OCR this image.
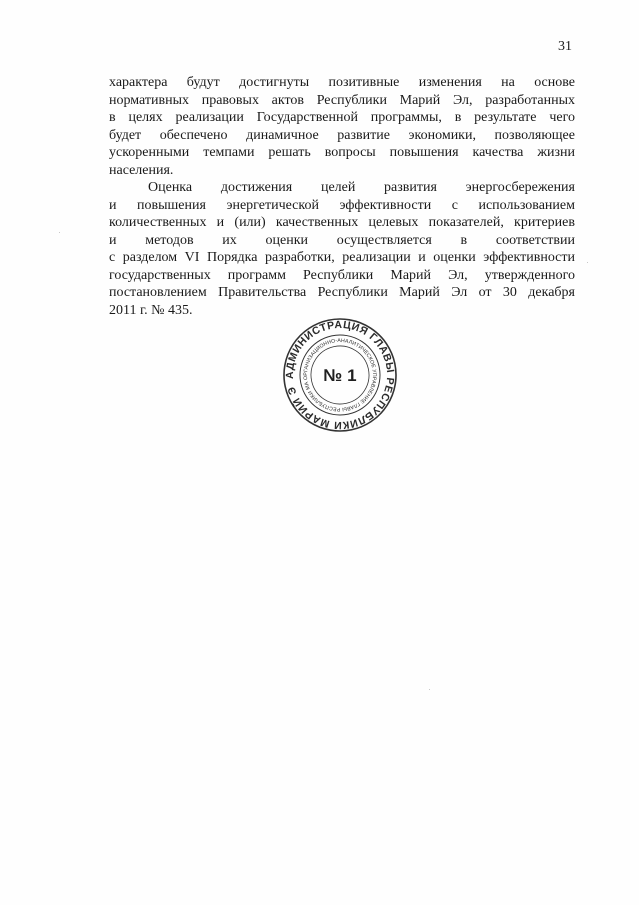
31
характера будут достигнуты позитивные изменения на основе
нормативных правовых актов Республики Марий Эл, разработанных
в целях реализации Государственной программы, в результате чего
будет обеспечено динамичное развитие экономики, позволяющее
ускоренными темпами решать вопросы повышения качества жизни
населения.
Оценка достижения целей развития энергосбережения
и повышения энергетической эффективности с использованием
количественных и (или) качественных целевых показателей, критериев
и методов их оценки осуществляется в соответствии
с разделом VI Порядка разработки, реализации и оценки эффективности
государственных программ Республики Марий Эл, утвержденного
постановлением Правительства Республики Марий Эл от 30 декабря
2011 г. № 435.
АДМИНИСТРАЦИЯ ГЛАВЫ РЕСПУБЛИКИ МАРИЙ ЭЛ
ОРГАНИЗАЦИОННО-АНАЛИТИЧЕСКОЕ УПРАВЛЕНИЕ ГЛАВЫ РЕСПУБЛИКИ МАРИЙ
№ 1
